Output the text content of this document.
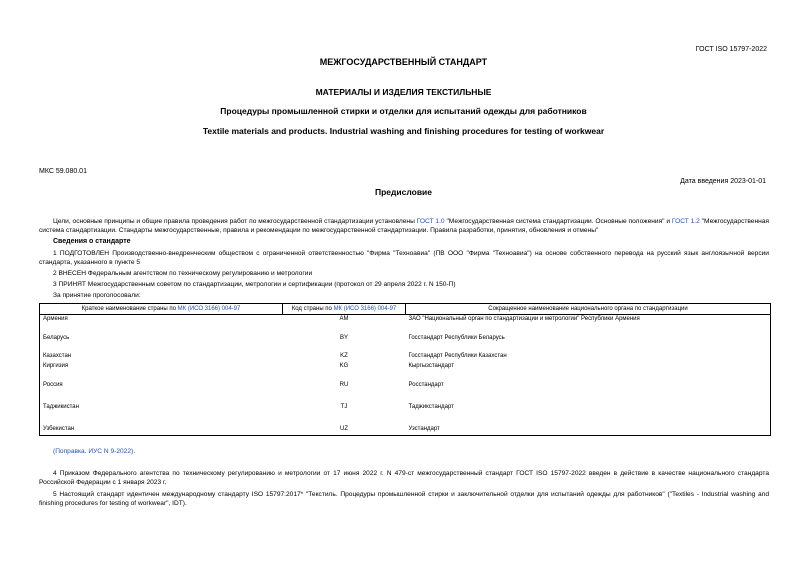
ГОСТ ISO 15797-2022
МЕЖГОСУДАРСТВЕННЫЙ СТАНДАРТ
МАТЕРИАЛЫ И ИЗДЕЛИЯ ТЕКСТИЛЬНЫЕ
Процедуры промышленной стирки и отделки для испытаний одежды для работников
Textile materials and products. Industrial washing and finishing procedures for testing of workwear
МКС 59.080.01
Дата введения 2023-01-01
Предисловие
Цели, основные принципы и общие правила проведения работ по межгосударственной стандартизации установлены ГОСТ 1.0 "Межгосударственная система стандартизации. Основные положения" и ГОСТ 1.2 "Межгосударственная система стандартизации. Стандарты межгосударственные, правила и рекомендации по межгосударственной стандартизации. Правила разработки, принятия, обновления и отмены"
Сведения о стандарте
1 ПОДГОТОВЛЕН Производственно-внедренческим обществом с ограниченной ответственностью "Фирма "Техноавиа" (ПВ ООО "Фирма "Техноавиа") на основе собственного перевода на русский язык англоязычной версии стандарта, указанного в пункте 5
2 ВНЕСЕН Федеральным агентством по техническому регулированию и метрологии
3 ПРИНЯТ Межгосударственным советом по стандартизации, метрологии и сертификации (протокол от 29 апреля 2022 г. N 150-П)
За принятие проголосовали:
Краткое наименование страны по МК (ИСО 3166) 004-97	Код страны по МК (ИСО 3166) 004-97	Сокращенное наименование национального органа по стандартизации
Армения	AM	ЗАО "Национальный орган по стандартизации и метрологии" Республики Армения
Беларусь	BY	Госстандарт Республики Беларусь
Казахстан	KZ	Госстандарт Республики Казахстан
Киргизия	KG	Кыргызстандарт
Россия	RU	Росстандарт
Таджикистан	TJ	Таджикстандарт
Узбекистан	UZ	Узстандарт
(Поправка. ИУС N 9-2022).
4 Приказом Федерального агентства по техническому регулированию и метрологии от 17 июня 2022 г. N 479-ст межгосударственный стандарт ГОСТ ISO 15797-2022 введен в действие в качестве национального стандарта Российской Федерации с 1 января 2023 г.
5 Настоящий стандарт идентичен международному стандарту ISO 15797:2017* "Текстиль. Процедуры промышленной стирки и заключительной отделки для испытаний одежды для работников" ("Textiles - Industrial washing and finishing procedures for testing of workwear", IDT).
